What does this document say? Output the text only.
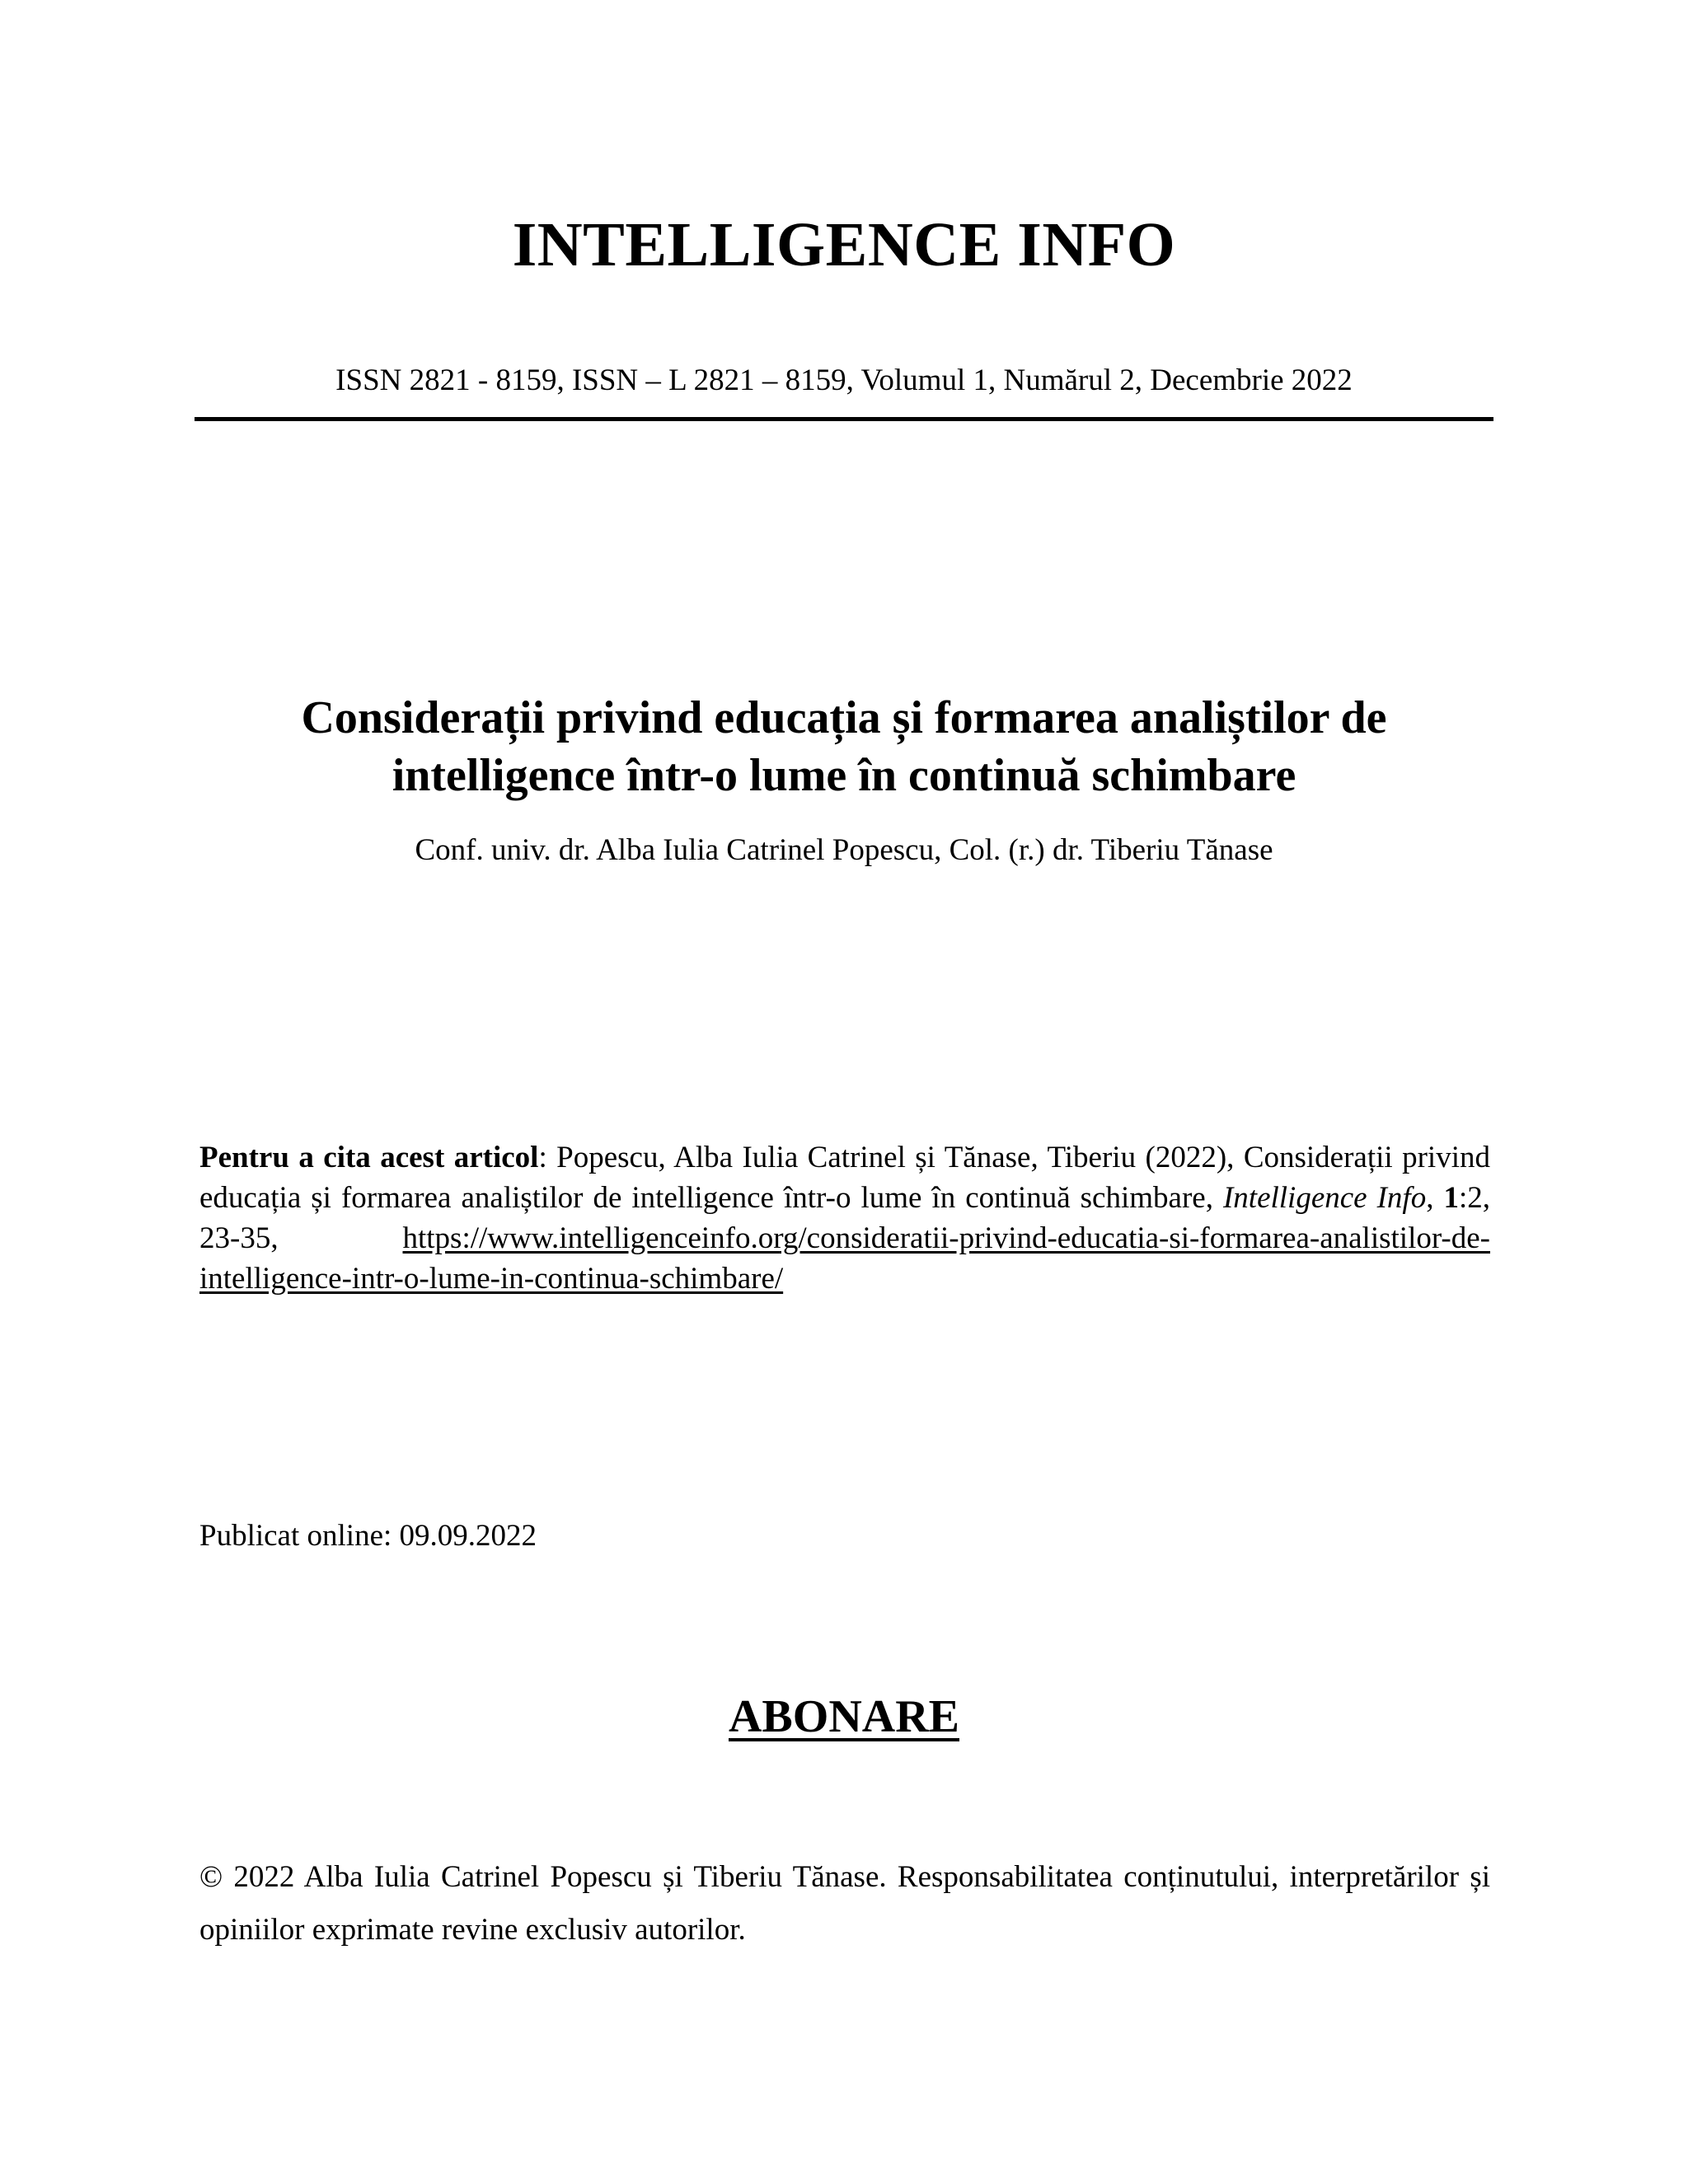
INTELLIGENCE INFO
ISSN 2821 - 8159, ISSN – L 2821 – 8159, Volumul 1, Numărul 2, Decembrie 2022
Considerații privind educația și formarea analiștilor de
intelligence într-o lume în continuă schimbare
Conf. univ. dr. Alba Iulia Catrinel Popescu, Col. (r.) dr. Tiberiu Tănase
Pentru a cita acest articol: Popescu, Alba Iulia Catrinel și Tănase, Tiberiu (2022), Considerații privind educația și formarea analiștilor de intelligence într-o lume în continuă schimbare, Intelligence Info, 1:2, 23-35, https://www.intelligenceinfo.org/consideratii-privind-educatia-si-formarea-analistilor-de-intelligence-intr-o-lume-in-continua-schimbare/
Publicat online: 09.09.2022
ABONARE
© 2022 Alba Iulia Catrinel Popescu și Tiberiu Tănase. Responsabilitatea conținutului, interpretărilor și opiniilor exprimate revine exclusiv autorilor.
